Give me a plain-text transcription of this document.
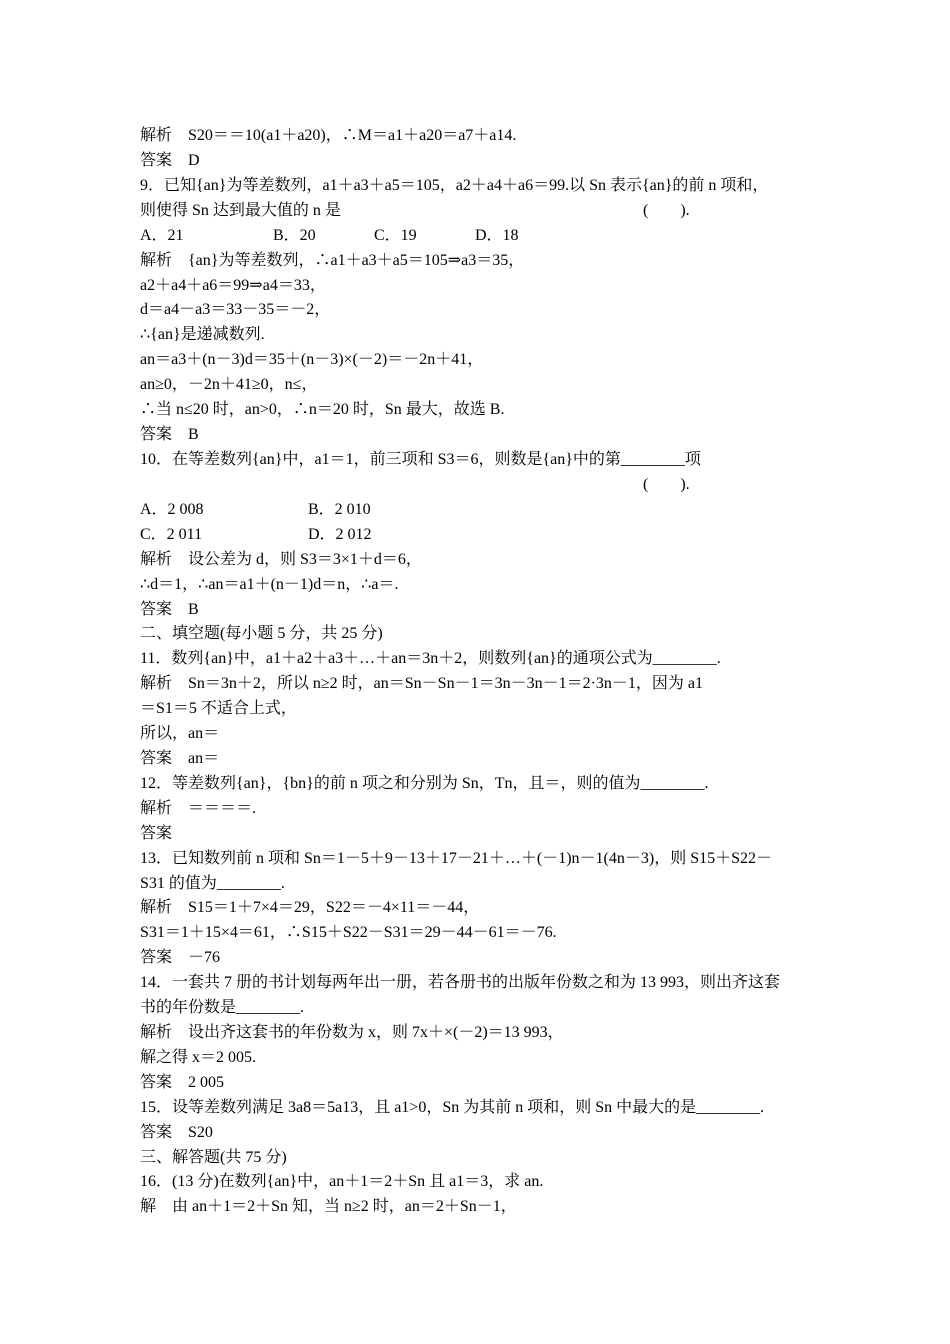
解析　S20＝＝10(a1＋a20)，∴M＝a1＋a20＝a7＋a14.
答案　D
9．已知{an}为等差数列，a1＋a3＋a5＝105，a2＋a4＋a6＝99.以 Sn 表示{an}的前 n 项和，
则使得 Sn 达到最大值的 n 是	(　　).
A．21	B．20	C．19	D．18
解析　{an}为等差数列，∴a1＋a3＋a5＝105⇒a3＝35，
a2＋a4＋a6＝99⇒a4＝33，
d＝a4－a3＝33－35＝－2，
∴{an}是递减数列.
an＝a3＋(n－3)d＝35＋(n－3)×(－2)＝－2n＋41，
an≥0，－2n＋41≥0，n≤，
∴当 n≤20 时，an>0，∴n＝20 时，Sn 最大，故选 B.
答案　B
10．在等差数列{an}中，a1＝1，前三项和 S3＝6，则数是{an}中的第________项
(　　).
A．2 008	B．2 010
C．2 011	D．2 012
解析　设公差为 d，则 S3＝3×1＋d＝6，
∴d＝1，∴an＝a1＋(n－1)d＝n，∴a＝.
答案　B
二、填空题(每小题 5 分，共 25 分)
11．数列{an}中，a1＋a2＋a3＋…＋an＝3n＋2，则数列{an}的通项公式为________.
解析　Sn＝3n＋2，所以 n≥2 时，an＝Sn－Sn－1＝3n－3n－1＝2·3n－1，因为 a1
＝S1＝5 不适合上式，
所以，an＝
答案　an＝
12．等差数列{an}，{bn}的前 n 项之和分别为 Sn，Tn，且＝，则的值为________.
解析　＝＝＝＝.
答案
13．已知数列前 n 项和 Sn＝1－5＋9－13＋17－21＋…＋(－1)n－1(4n－3)，则 S15＋S22－
S31 的值为________.
解析　S15＝1＋7×4＝29，S22＝－4×11＝－44，
S31＝1＋15×4＝61，∴S15＋S22－S31＝29－44－61＝－76.
答案　－76
14．一套共 7 册的书计划每两年出一册，若各册书的出版年份数之和为 13 993，则出齐这套
书的年份数是________.
解析　设出齐这套书的年份数为 x，则 7x＋×(－2)＝13 993，
解之得 x＝2 005.
答案　2 005
15．设等差数列满足 3a8＝5a13，且 a1>0，Sn 为其前 n 项和，则 Sn 中最大的是________.
答案　S20
三、解答题(共 75 分)
16．(13 分)在数列{an}中，an＋1＝2＋Sn 且 a1＝3，求 an.
解　由 an＋1＝2＋Sn 知，当 n≥2 时，an＝2＋Sn－1，
